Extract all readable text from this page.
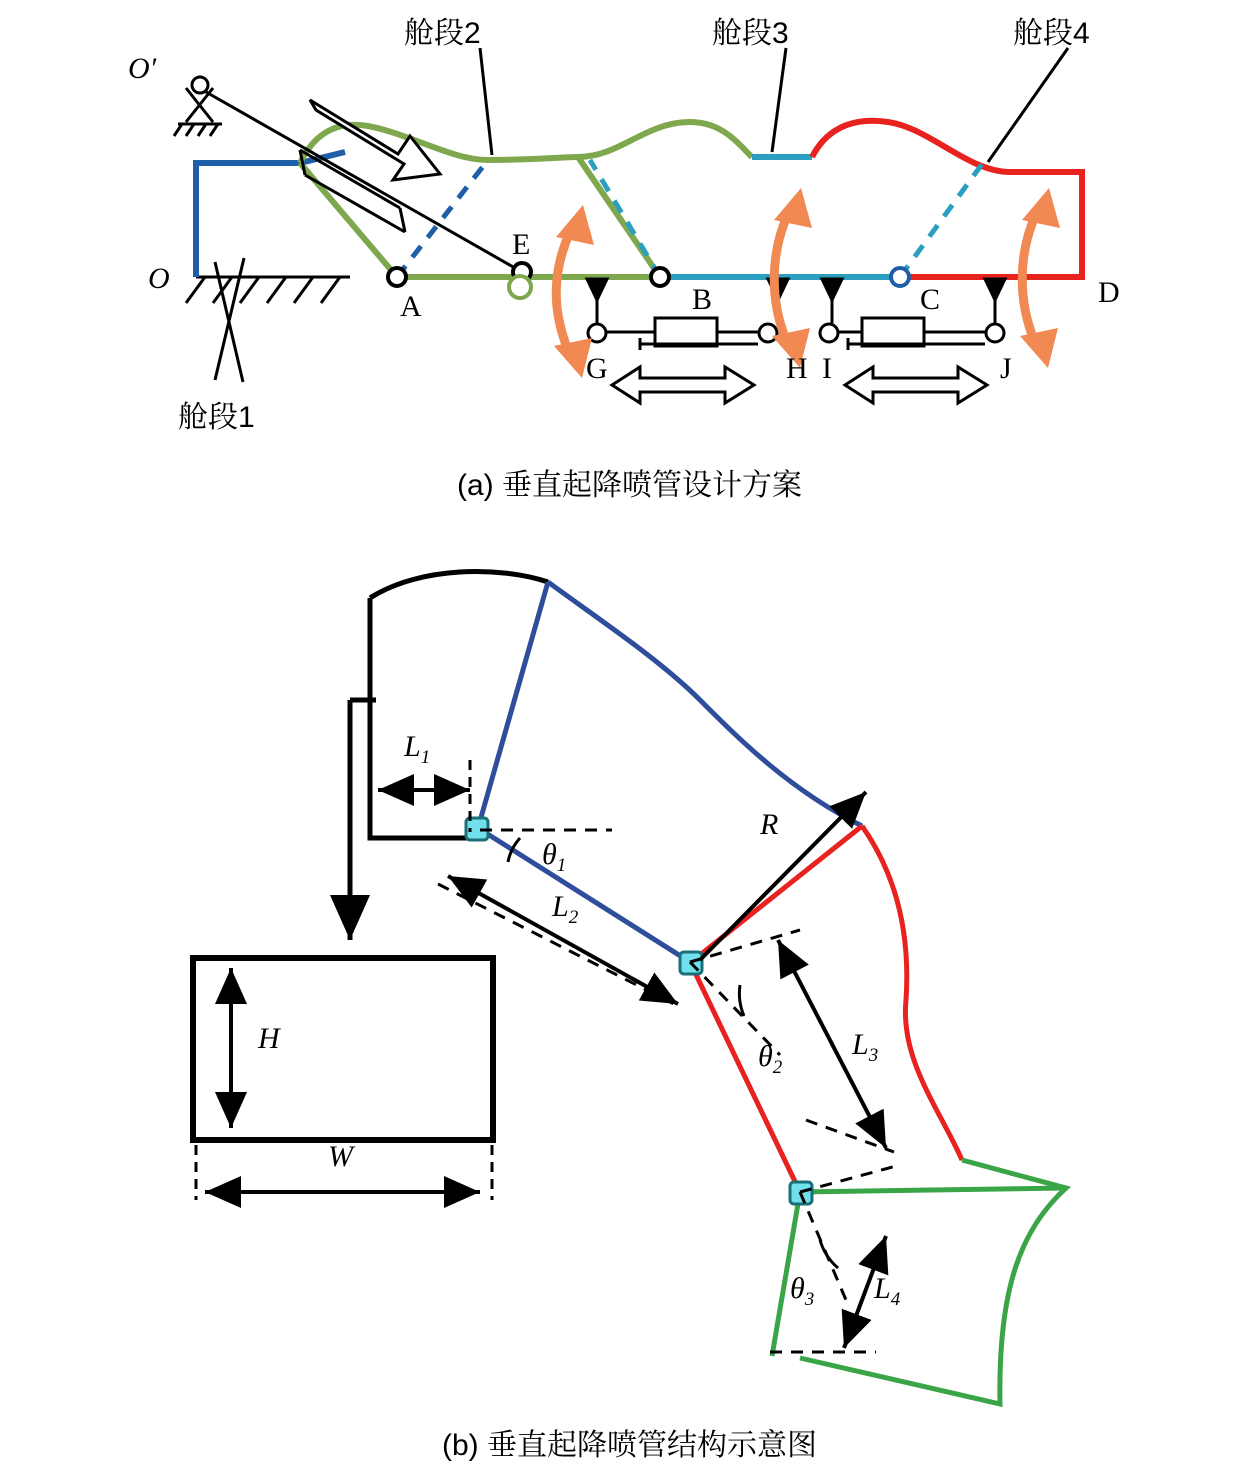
舱段2	舱段3	舱段4
舱段1
O′
O
A
E
B	C	D
G	H I	J
(a) 垂直起降喷管设计方案
$L_1$
$L_2$
$L_3$
$L_4$
R
H
W
$\theta_1$
$\theta_2$
$\theta_3$
(b) 垂直起降喷管结构示意图
